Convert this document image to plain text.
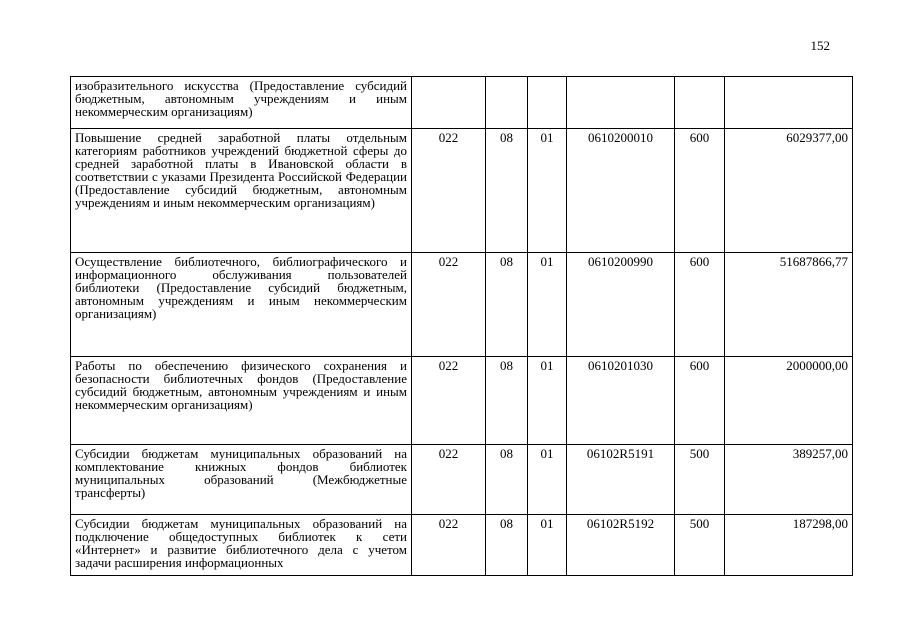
152
изобразительного искусства (Предоставление субсидий бюджетным, автономным учреждениям и иным некоммерческим организациям)						
Повышение средней заработной платы отдельным категориям работников учреждений бюджетной сферы до средней заработной платы в Ивановской области в соответствии с указами Президента Российской Федерации (Предоставление субсидий бюджетным, автономным учреждениям и иным некоммерческим организациям)	022	08	01	0610200010	600	6029377,00
Осуществление библиотечного, библиографического и информационного обслуживания пользователей библиотеки (Предоставление субсидий бюджетным, автономным учреждениям и иным некоммерческим организациям)	022	08	01	0610200990	600	51687866,77
Работы по обеспечению физического сохранения и безопасности библиотечных фондов (Предоставление субсидий бюджетным, автономным учреждениям и иным некоммерческим организациям)	022	08	01	0610201030	600	2000000,00
Субсидии бюджетам муниципальных образований на комплектование книжных фондов библиотек муниципальных образований (Межбюджетные трансферты)	022	08	01	06102R5191	500	389257,00
Субсидии бюджетам муниципальных образований на подключение общедоступных библиотек к сети «Интернет» и развитие библиотечного дела с учетом задачи расширения информационных	022	08	01	06102R5192	500	187298,00
